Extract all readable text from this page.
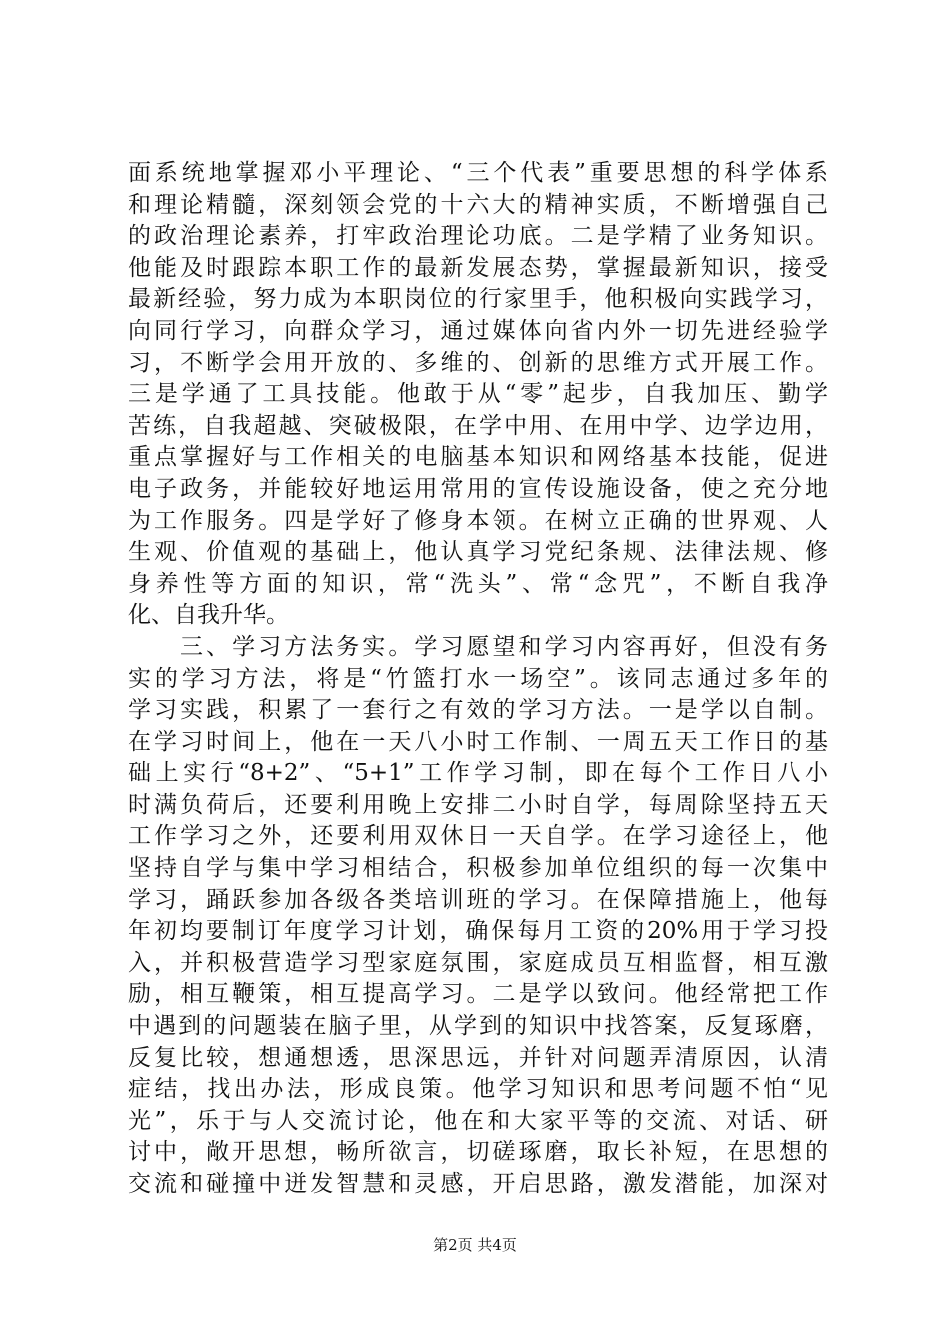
面系统地掌握邓小平理论、“三个代表”重要思想的科学体系
和理论精髓，深刻领会党的十六大的精神实质，不断增强自己
的政治理论素养，打牢政治理论功底。二是学精了业务知识。
他能及时跟踪本职工作的最新发展态势，掌握最新知识，接受
最新经验，努力成为本职岗位的行家里手，他积极向实践学习，
向同行学习，向群众学习，通过媒体向省内外一切先进经验学
习，不断学会用开放的、多维的、创新的思维方式开展工作。
三是学通了工具技能。他敢于从“零”起步，自我加压、勤学
苦练，自我超越、突破极限，在学中用、在用中学、边学边用，
重点掌握好与工作相关的电脑基本知识和网络基本技能，促进
电子政务，并能较好地运用常用的宣传设施设备，使之充分地
为工作服务。四是学好了修身本领。在树立正确的世界观、人
生观、价值观的基础上，他认真学习党纪条规、法律法规、修
身养性等方面的知识，常“洗头”、常“念咒”，不断自我净
化、自我升华。
三、学习方法务实。学习愿望和学习内容再好，但没有务
实的学习方法，将是“竹篮打水一场空”。该同志通过多年的
学习实践，积累了一套行之有效的学习方法。一是学以自制。
在学习时间上，他在一天八小时工作制、一周五天工作日的基
础上实行“8+2”、“5+1”工作学习制，即在每个工作日八小
时满负荷后，还要利用晚上安排二小时自学，每周除坚持五天
工作学习之外，还要利用双休日一天自学。在学习途径上，他
坚持自学与集中学习相结合，积极参加单位组织的每一次集中
学习，踊跃参加各级各类培训班的学习。在保障措施上，他每
年初均要制订年度学习计划，确保每月工资的20%用于学习投
入，并积极营造学习型家庭氛围，家庭成员互相监督，相互激
励，相互鞭策，相互提高学习。二是学以致问。他经常把工作
中遇到的问题装在脑子里，从学到的知识中找答案，反复琢磨，
反复比较，想通想透，思深思远，并针对问题弄清原因，认清
症结，找出办法，形成良策。他学习知识和思考问题不怕“见
光”，乐于与人交流讨论，他在和大家平等的交流、对话、研
讨中，敞开思想，畅所欲言，切磋琢磨，取长补短，在思想的
交流和碰撞中迸发智慧和灵感，开启思路，激发潜能，加深对
第2页 共4页
